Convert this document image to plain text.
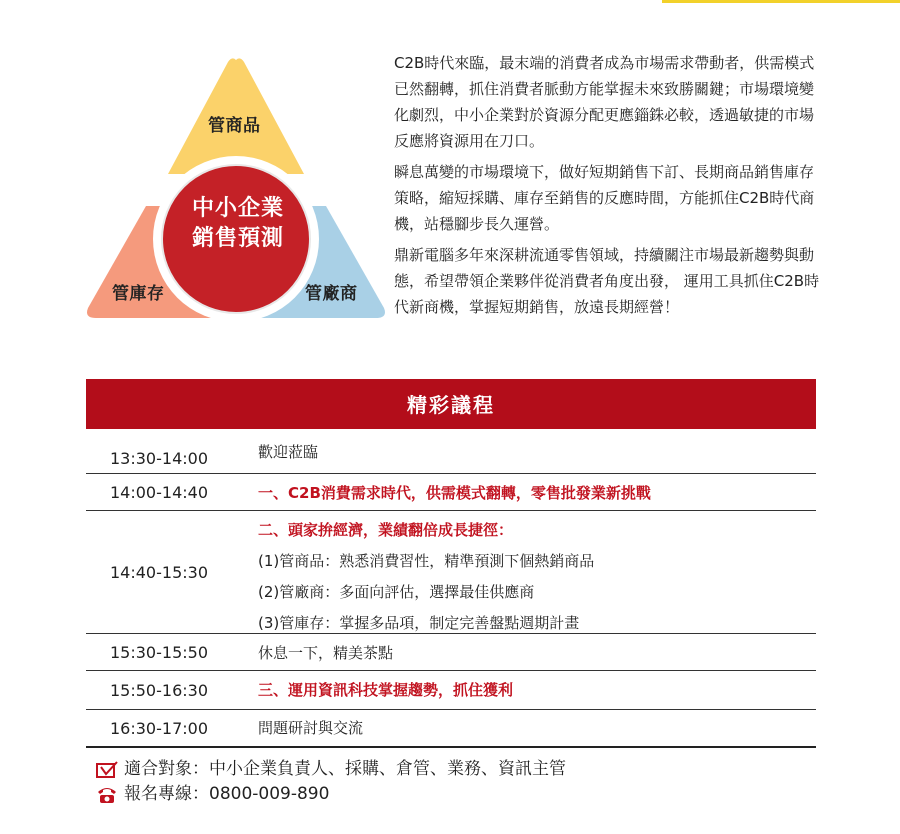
管商品
管庫存	管廠商
中小企業
銷售預測

C2B時代來臨，最末端的消費者成為市場需求帶動者，供需模式已然翻轉，抓住消費者脈動方能掌握未來致勝關鍵；市場環境變化劇烈，中小企業對於資源分配更應錙銖必較，透過敏捷的市場反應將資源用在刀口。

瞬息萬變的市場環境下，做好短期銷售下訂、長期商品銷售庫存策略，縮短採購、庫存至銷售的反應時間，方能抓住C2B時代商機，站穩腳步長久運營。

鼎新電腦多年來深耕流通零售領域，持續關注市場最新趨勢與動態，希望帶領企業夥伴從消費者角度出發， 運用工具抓住C2B時代新商機，掌握短期銷售，放遠長期經營！

精彩議程
13:30-14:00	歡迎蒞臨
14:00-14:40	一、C2B消費需求時代，供需模式翻轉，零售批發業新挑戰
14:40-15:30
二、頭家拚經濟，業績翻倍成長捷徑：
(1)管商品：熟悉消費習性，精準預測下個熱銷商品
(2)管廠商：多面向評估，選擇最佳供應商
(3)管庫存：掌握多品項，制定完善盤點週期計畫
15:30-15:50	休息一下，精美茶點
15:50-16:30	三、運用資訊科技掌握趨勢，抓住獲利
16:30-17:00	問題研討與交流
適合對象：中小企業負責人、採購、倉管、業務、資訊主管
報名專線：0800-009-890
